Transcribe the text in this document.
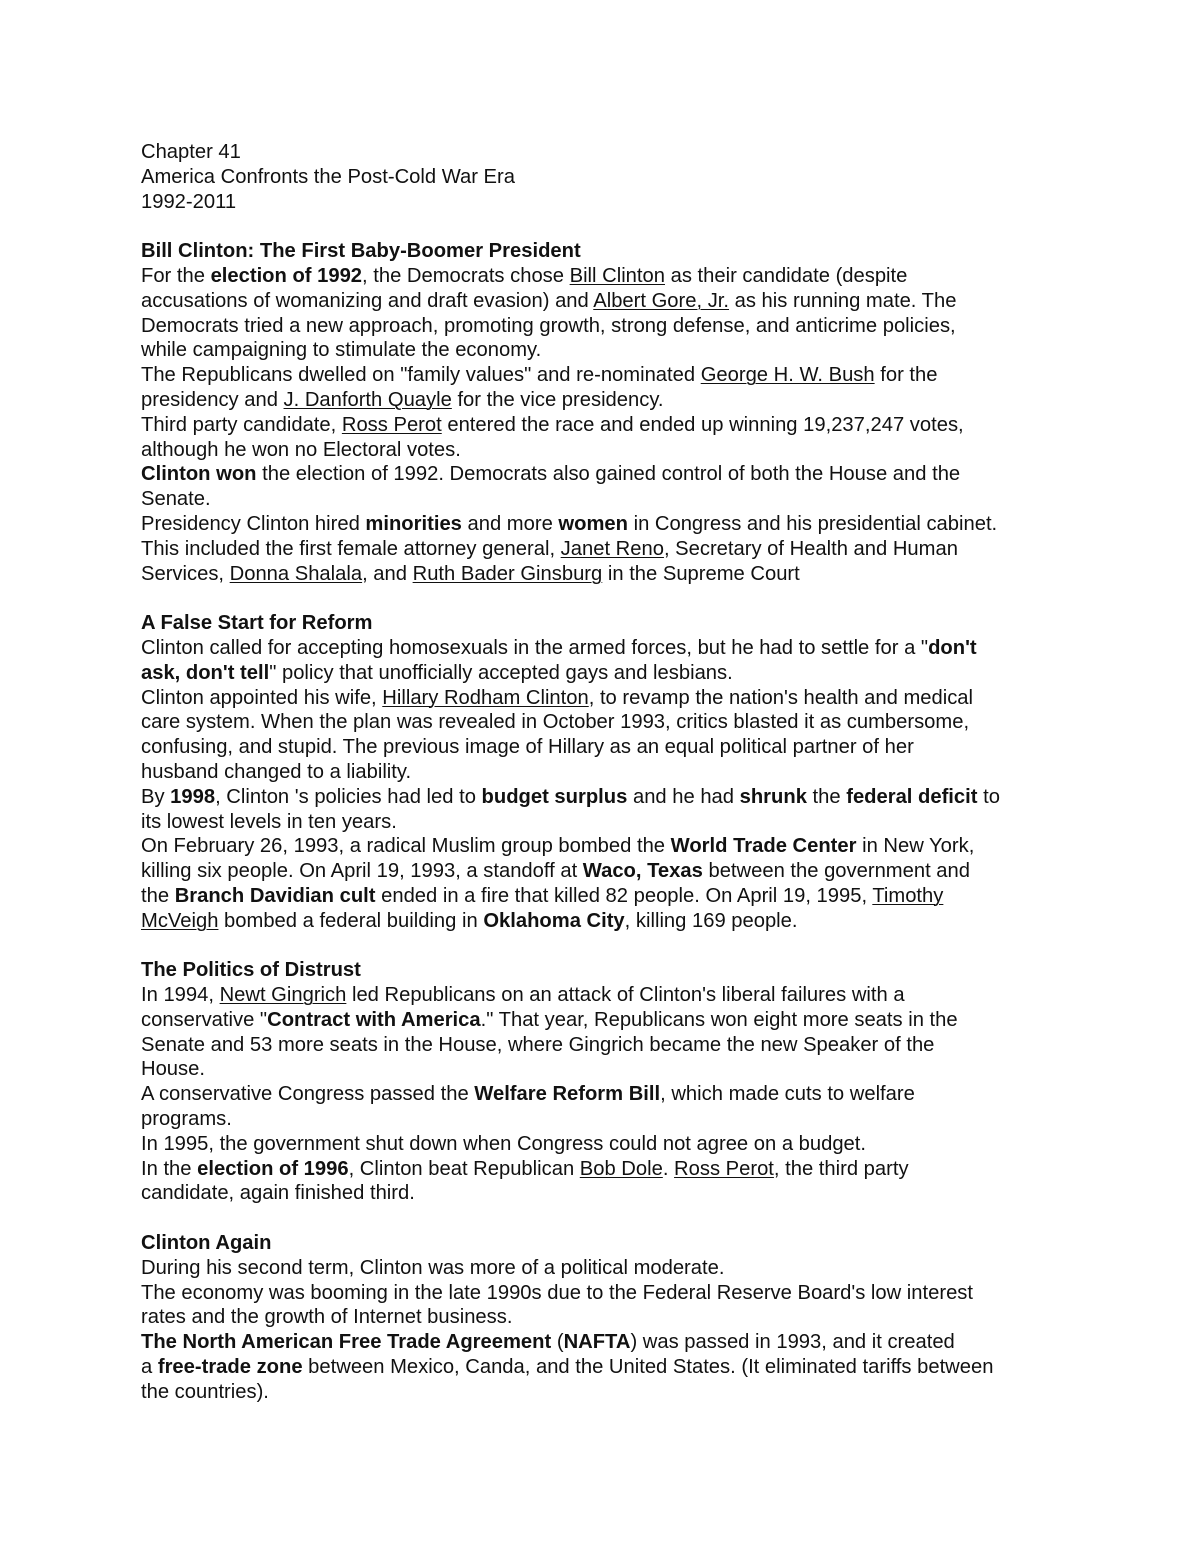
Chapter 41
America Confronts the Post-Cold War Era
1992-2011
Bill Clinton: The First Baby-Boomer President
For the election of 1992, the Democrats chose Bill Clinton as their candidate (despite
accusations of womanizing and draft evasion) and Albert Gore, Jr. as his running mate. The
Democrats tried a new approach, promoting growth, strong defense, and anticrime policies,
while campaigning to stimulate the economy.
The Republicans dwelled on "family values" and re-nominated George H. W. Bush for the
presidency and J. Danforth Quayle for the vice presidency.
Third party candidate, Ross Perot entered the race and ended up winning 19,237,247 votes,
although he won no Electoral votes.
Clinton won the election of 1992. Democrats also gained control of both the House and the
Senate.
Presidency Clinton hired minorities and more women in Congress and his presidential cabinet.
This included the first female attorney general, Janet Reno, Secretary of Health and Human
Services, Donna Shalala, and Ruth Bader Ginsburg in the Supreme Court
A False Start for Reform
Clinton called for accepting homosexuals in the armed forces, but he had to settle for a "don't
ask, don't tell" policy that unofficially accepted gays and lesbians.
Clinton appointed his wife, Hillary Rodham Clinton, to revamp the nation's health and medical
care system. When the plan was revealed in October 1993, critics blasted it as cumbersome,
confusing, and stupid. The previous image of Hillary as an equal political partner of her
husband changed to a liability.
By 1998, Clinton 's policies had led to budget surplus and he had shrunk the federal deficit to
its lowest levels in ten years.
On February 26, 1993, a radical Muslim group bombed the World Trade Center in New York,
killing six people. On April 19, 1993, a standoff at Waco, Texas between the government and
the Branch Davidian cult ended in a fire that killed 82 people. On April 19, 1995, Timothy
McVeigh bombed a federal building in Oklahoma City, killing 169 people.
The Politics of Distrust
In 1994, Newt Gingrich led Republicans on an attack of Clinton's liberal failures with a
conservative "Contract with America." That year, Republicans won eight more seats in the
Senate and 53 more seats in the House, where Gingrich became the new Speaker of the
House.
A conservative Congress passed the Welfare Reform Bill, which made cuts to welfare
programs.
In 1995, the government shut down when Congress could not agree on a budget.
In the election of 1996, Clinton beat Republican Bob Dole. Ross Perot, the third party
candidate, again finished third.
Clinton Again
During his second term, Clinton was more of a political moderate.
The economy was booming in the late 1990s due to the Federal Reserve Board's low interest
rates and the growth of Internet business.
The North American Free Trade Agreement (NAFTA) was passed in 1993, and it created
a free-trade zone between Mexico, Canda, and the United States. (It eliminated tariffs between
the countries).
